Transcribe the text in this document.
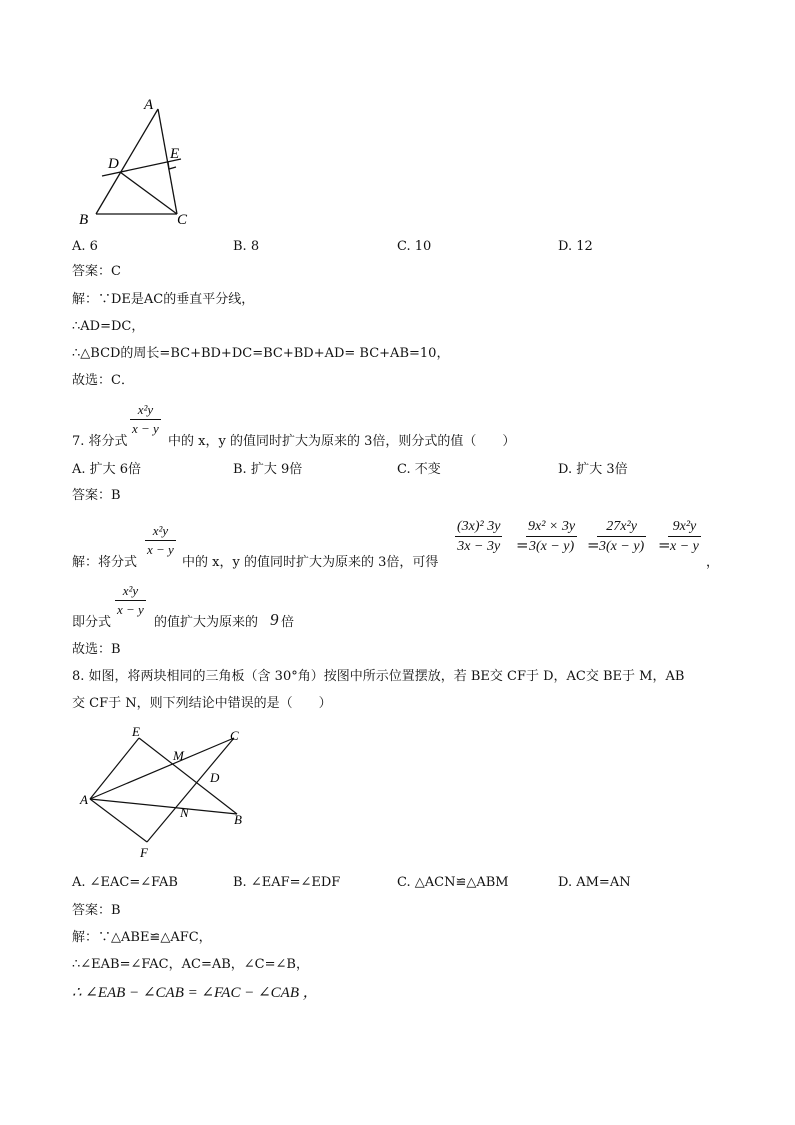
A
E
D
B	C
A. 6	B. 8	C. 10	D. 12
答案：C
解：∵DE是AC的垂直平分线，
∴AD=DC，
∴△BCD的周长=BC+BD+DC=BC+BD+AD= BC+AB=10，
故选：C．
$\frac{\text{x²y}}{x - y}$
7. 将分式	中的 x，y 的值同时扩大为原来的 3倍，则分式的值（　　）
A. 扩大 6倍	B. 扩大 9倍	C. 不变	D. 扩大 3倍
答案：B
解：将分式
$\frac{\text{x²y}}{x - y}$
中的 x，y 的值同时扩大为原来的 3倍，可得
$\frac{\text{(3x)² 3y}}{3x - 3y}$ =
$\frac{\text{9x² × 3y}}{3(x - y)}$ =
$\frac{\text{27x²y}}{3(x - y)}$ =
$\frac{\text{9x²y}}{x - y}$
，
即分式
$\frac{\text{x²y}}{x - y}$
的值扩大为原来的 9 倍
故选：B
8. 如图，将两块相同的三角板（含 30°角）按图中所示位置摆放，若 BE交 CF于 D，AC交 BE于 M，AB
交 CF于 N，则下列结论中错误的是（　　）
E	C
M
D
A
N	B
F
A. ∠EAC=∠FAB	B. ∠EAF=∠EDF	C. △ACN≌△ABM	D. AM=AN
答案：B
解：∵△ABE≌△AFC，
∴∠EAB=∠FAC，AC=AB，∠C=∠B，
∴ ∠EAB − ∠CAB = ∠FAC − ∠CAB ，
